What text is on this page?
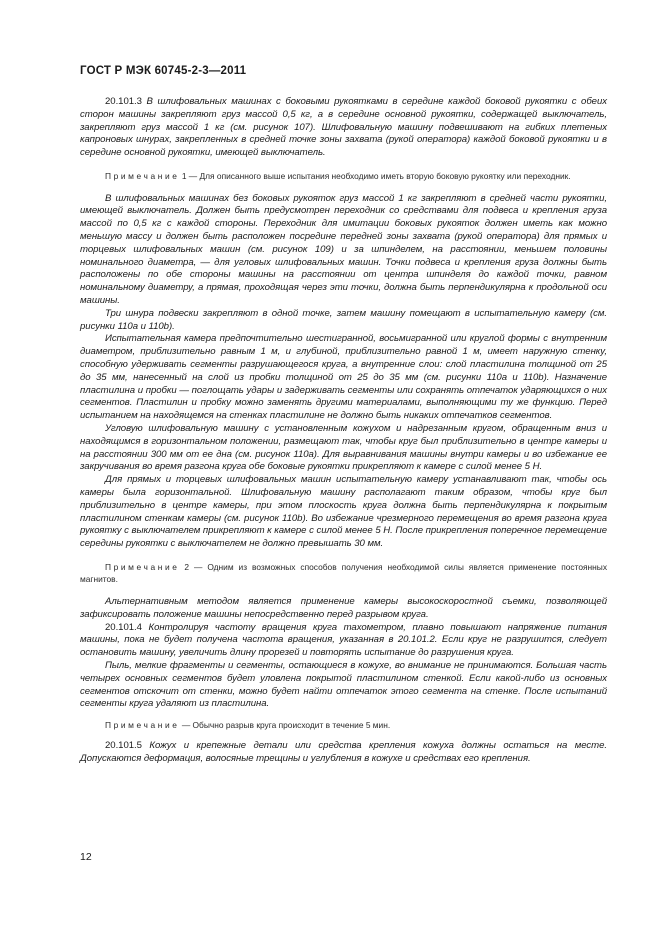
ГОСТ Р МЭК 60745-2-3—2011

20.101.3 В шлифовальных машинах с боковыми рукоятками в середине каждой боковой рукоятки с обеих сторон машины закрепляют груз массой 0,5 кг, а в середине основной рукоятки, содержащей выключатель, закрепляют груз массой 1 кг (см. рисунок 107). Шлифовальную машину подвешивают на гибких плетеных капроновых шнурах, закрепленных в средней точке зоны захвата (рукой оператора) каждой боковой рукоятки и в середине основной рукоятки, имеющей выключатель.

Примечание 1 — Для описанного выше испытания необходимо иметь вторую боковую рукоятку или переходник.

В шлифовальных машинах без боковых рукояток груз массой 1 кг закрепляют в средней части рукоятки, имеющей выключатель. Должен быть предусмотрен переходник со средствами для подвеса и крепления груза массой по 0,5 кг с каждой стороны. Переходник для имитации боковых рукояток должен иметь как можно меньшую массу и должен быть расположен посредине передней зоны захвата (рукой оператора) для прямых и торцевых шлифовальных машин (см. рисунок 109) и за шпинделем, на расстоянии, меньшем половины номинального диаметра, — для угловых шлифовальных машин. Точки подвеса и крепления груза должны быть расположены по обе стороны машины на расстоянии от центра шпинделя до каждой точки, равном номинальному диаметру, а прямая, проходящая через эти точки, должна быть перпендикулярна к продольной оси машины.

Три шнура подвески закрепляют в одной точке, затем машину помещают в испытательную камеру (см. рисунки 110a и 110b).

Испытательная камера предпочтительно шестигранной, восьмигранной или круглой формы с внутренним диаметром, приблизительно равным 1 м, и глубиной, приблизительно равной 1 м, имеет наружную стенку, способную удерживать сегменты разрушающегося круга, а внутренние слои: слой пластилина толщиной от 25 до 35 мм, нанесенный на слой из пробки толщиной от 25 до 35 мм (см. рисунки 110a и 110b). Назначение пластилина и пробки — поглощать удары и задерживать сегменты или сохранять отпечаток ударяющихся о них сегментов. Пластилин и пробку можно заменять другими материалами, выполняющими ту же функцию. Перед испытанием на находящемся на стенках пластилине не должно быть никаких отпечатков сегментов.

Угловую шлифовальную машину с установленным кожухом и надрезанным кругом, обращенным вниз и находящимся в горизонтальном положении, размещают так, чтобы круг был приблизительно в центре камеры и на расстоянии 300 мм от ее дна (см. рисунок 110a). Для выравнивания машины внутри камеры и во избежание ее закручивания во время разгона круга обе боковые рукоятки прикрепляют к камере с силой менее 5 Н.

Для прямых и торцевых шлифовальных машин испытательную камеру устанавливают так, чтобы ось камеры была горизонтальной. Шлифовальную машину располагают таким образом, чтобы круг был приблизительно в центре камеры, при этом плоскость круга должна быть перпендикулярна к покрытым пластилином стенкам камеры (см. рисунок 110b). Во избежание чрезмерного перемещения во время разгона круга рукоятку с выключателем прикрепляют к камере с силой менее 5 Н. После прикрепления поперечное перемещение середины рукоятки с выключателем не должно превышать 30 мм.

Примечание 2 — Одним из возможных способов получения необходимой силы является применение постоянных магнитов.

Альтернативным методом является применение камеры высокоскоростной съемки, позволяющей зафиксировать положение машины непосредственно перед разрывом круга.

20.101.4 Контролируя частоту вращения круга тахометром, плавно повышают напряжение питания машины, пока не будет получена частота вращения, указанная в 20.101.2. Если круг не разрушится, следует остановить машину, увеличить длину прорезей и повторять испытание до разрушения круга.

Пыль, мелкие фрагменты и сегменты, остающиеся в кожухе, во внимание не принимаются. Большая часть четырех основных сегментов будет уловлена покрытой пластилином стенкой. Если какой-либо из основных сегментов отскочит от стенки, можно будет найти отпечаток этого сегмента на стенке. После испытаний сегменты круга удаляют из пластилина.

Примечание — Обычно разрыв круга происходит в течение 5 мин.

20.101.5 Кожух и крепежные детали или средства крепления кожуха должны остаться на месте. Допускаются деформация, волосяные трещины и углубления в кожухе и средствах его крепления.

12
